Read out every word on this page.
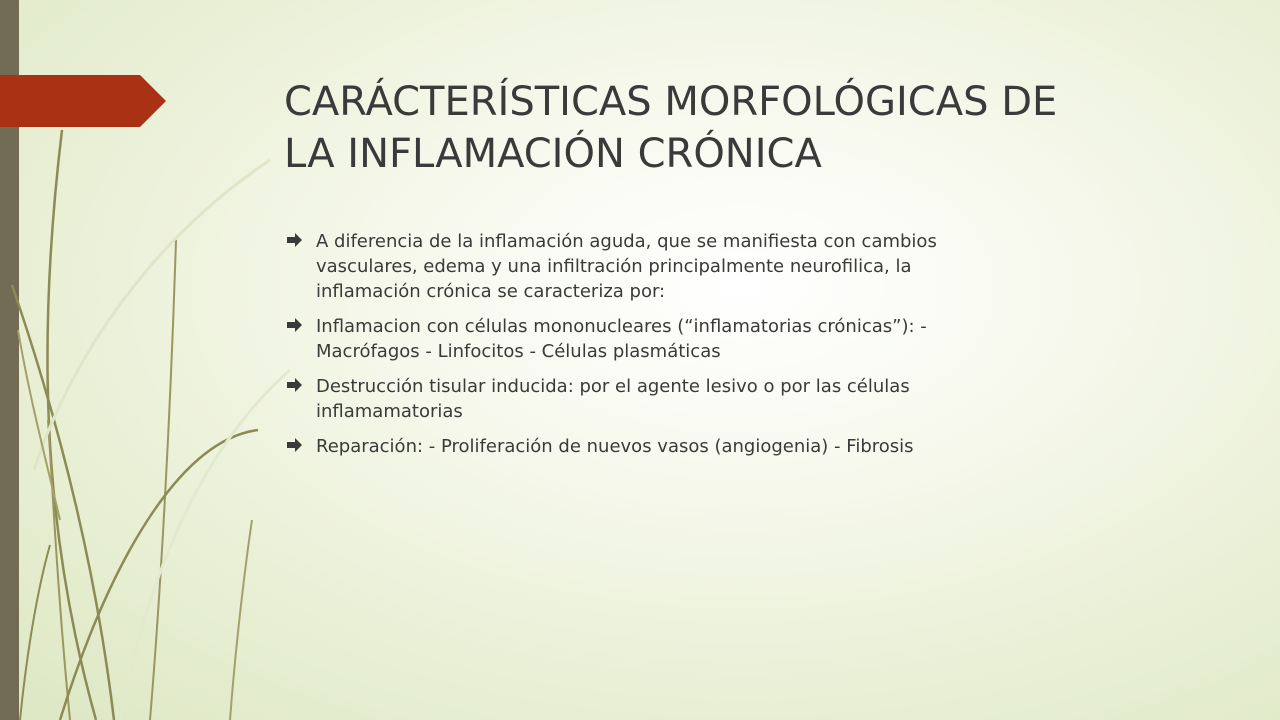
CARÁCTERÍSTICAS MORFOLÓGICAS DE
LA INFLAMACIÓN CRÓNICA
A diferencia de la inflamación aguda, que se manifiesta con cambios
vasculares, edema y una infiltración principalmente neurofilica, la
inflamación crónica se caracteriza por:
Inflamacion con células mononucleares (“inflamatorias crónicas”): -
Macrófagos - Linfocitos - Células plasmáticas
Destrucción tisular inducida: por el agente lesivo o por las células
inflamamatorias
Reparación: - Proliferación de nuevos vasos (angiogenia) - Fibrosis
